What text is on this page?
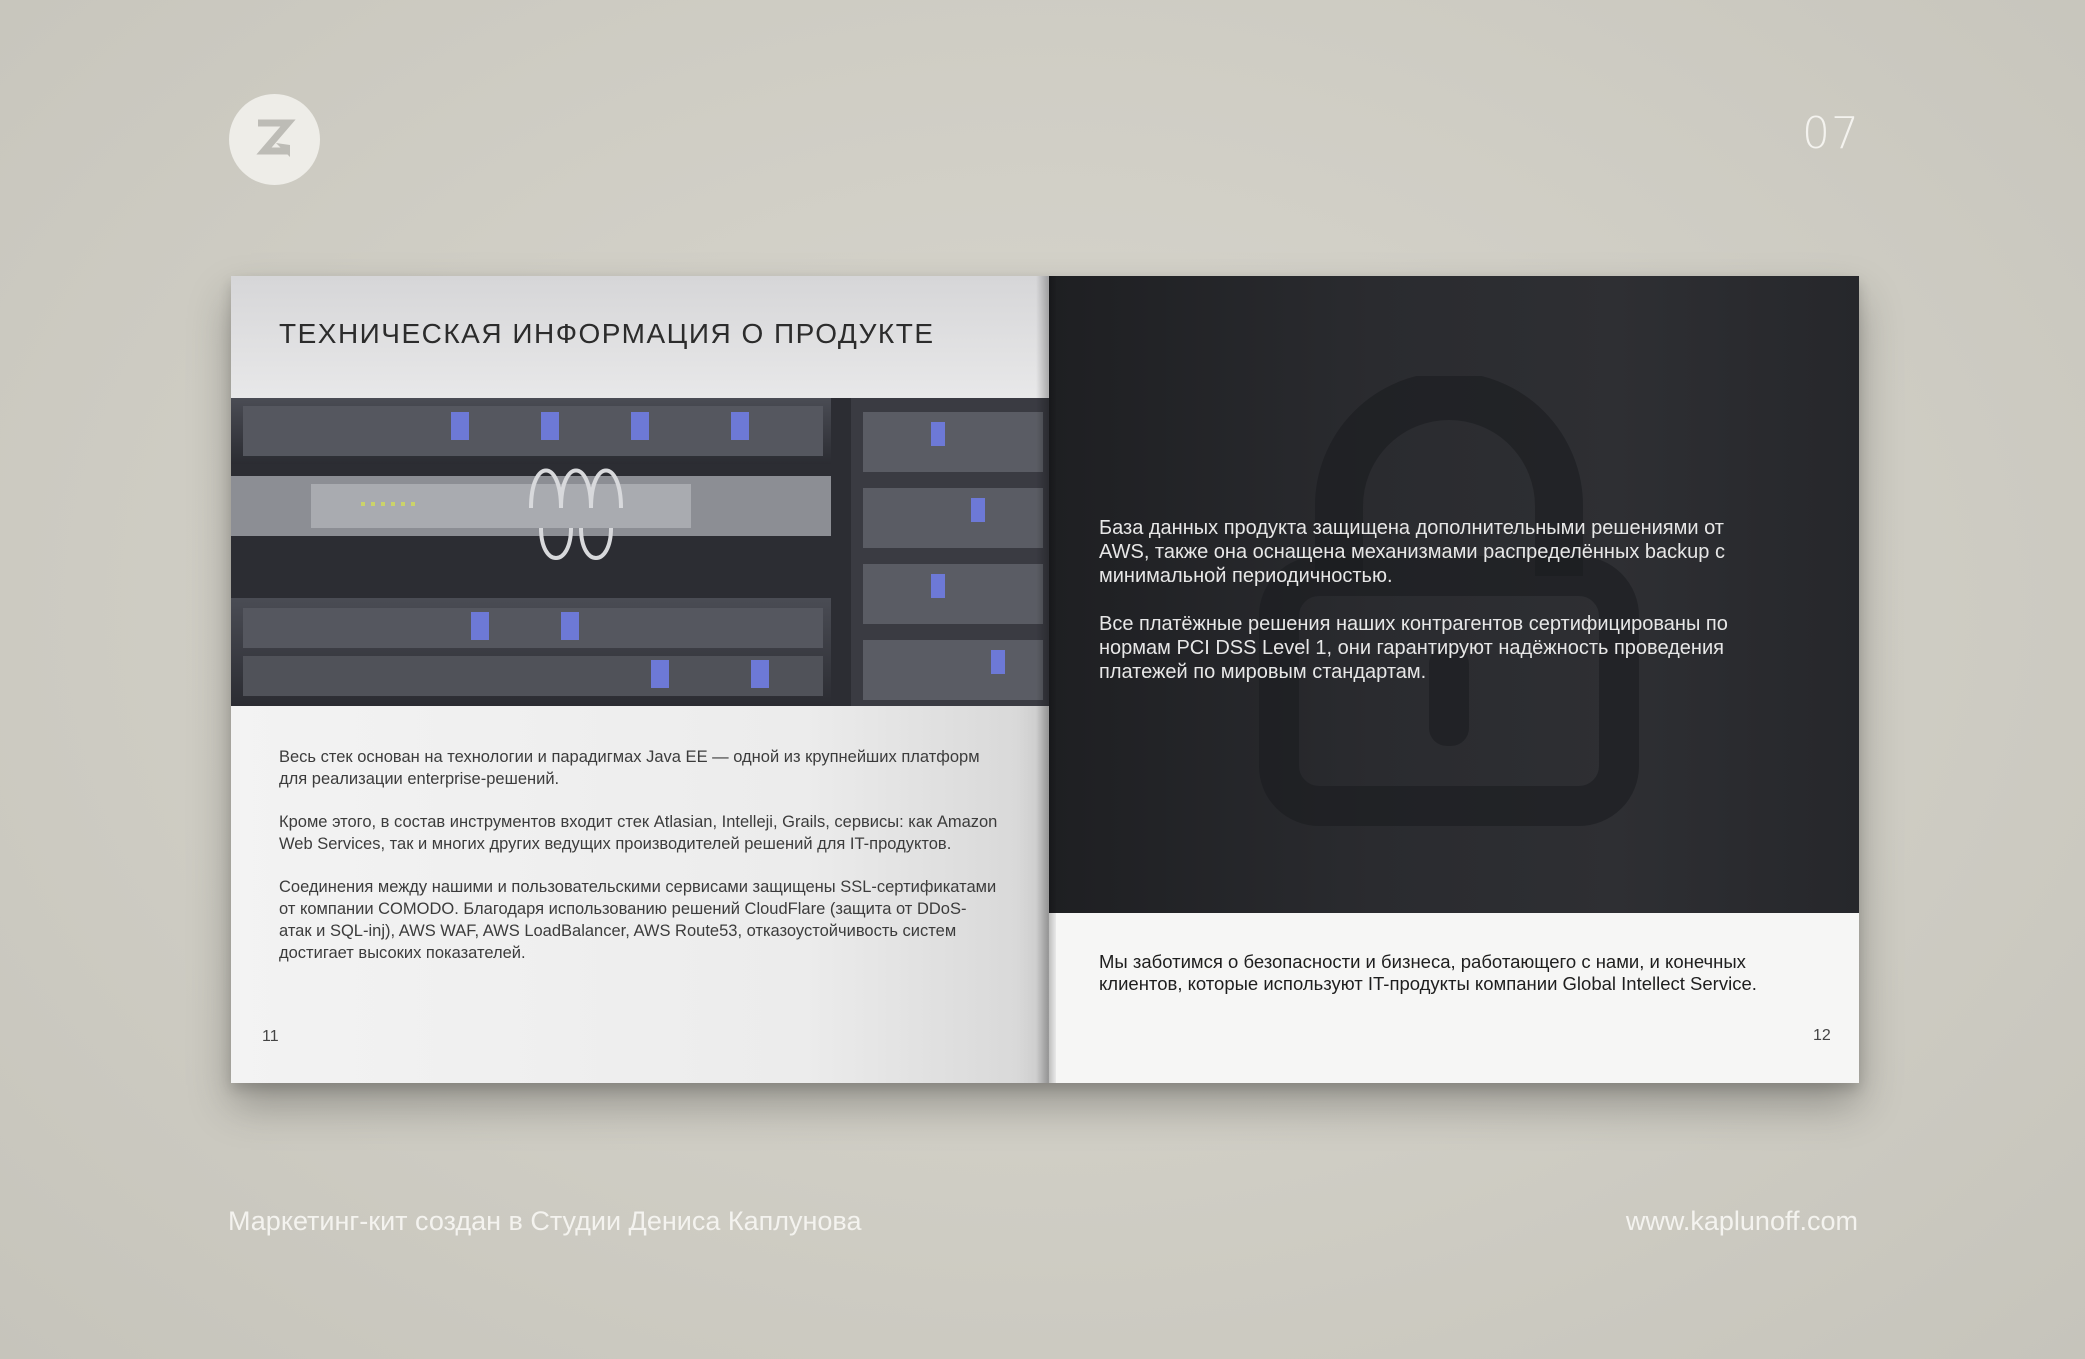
07
ТЕХНИЧЕСКАЯ ИНФОРМАЦИЯ О ПРОДУКТЕ

Весь стек основан на технологии и парадигмах Java EE — одной из крупнейших платформ для реализации enterprise-решений.

Кроме этого, в состав инструментов входит стек Atlasian, Intelleji, Grails, сервисы: как Amazon Web Services, так и многих других ведущих производителей решений для IT-продуктов.

Соединения между нашими и пользовательскими сервисами защищены SSL-сертификатами от компании COMODO. Благодаря использованию решений CloudFlare (защита от DDoS-атак и SQL-inj), AWS WAF, AWS LoadBalancer, AWS Route53, отказоустойчивость систем достигает высоких показателей.

11

База данных продукта защищена дополнительными решениями от AWS, также она оснащена механизмами распределённых backup с минимальной периодичностью.

Все платёжные решения наших контрагентов сертифицированы по нормам PCI DSS Level 1, они гарантируют надёжность проведения платежей по мировым стандартам.

Мы заботимся о безопасности и бизнеса, работающего с нами, и конечных клиентов, которые используют IT-продукты компании Global Intellect Service.
12
Маркетинг-кит создан в Студии Дениса Каплунова	www.kaplunoff.com
